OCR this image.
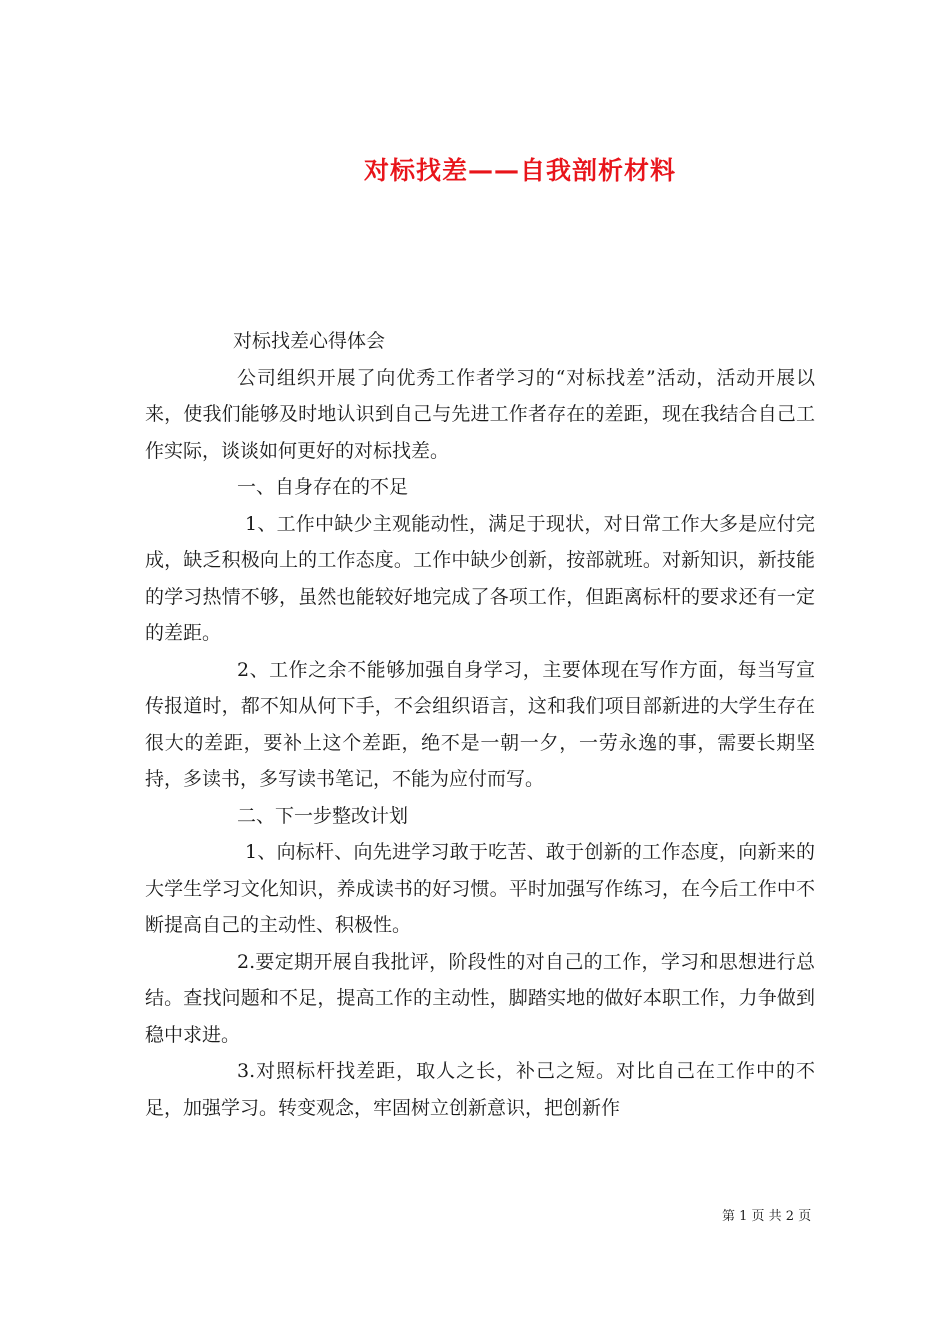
对标找差——自我剖析材料

对标找差心得体会

公司组织开展了向优秀工作者学习的“对标找差”活动，活动开展以来，使我们能够及时地认识到自己与先进工作者存在的差距，现在我结合自己工作实际，谈谈如何更好的对标找差。

一、自身存在的不足

1、工作中缺少主观能动性，满足于现状，对日常工作大多是应付完成，缺乏积极向上的工作态度。工作中缺少创新，按部就班。对新知识，新技能的学习热情不够，虽然也能较好地完成了各项工作，但距离标杆的要求还有一定的差距。

2、工作之余不能够加强自身学习，主要体现在写作方面，每当写宣传报道时，都不知从何下手，不会组织语言，这和我们项目部新进的大学生存在很大的差距，要补上这个差距，绝不是一朝一夕，一劳永逸的事，需要长期坚持，多读书，多写读书笔记，不能为应付而写。

二、下一步整改计划

1、向标杆、向先进学习敢于吃苦、敢于创新的工作态度，向新来的大学生学习文化知识，养成读书的好习惯。平时加强写作练习，在今后工作中不断提高自己的主动性、积极性。

2.要定期开展自我批评，阶段性的对自己的工作，学习和思想进行总结。查找问题和不足，提高工作的主动性，脚踏实地的做好本职工作，力争做到稳中求进。

3.对照标杆找差距，取人之长，补己之短。对比自己在工作中的不足，加强学习。转变观念，牢固树立创新意识，把创新作

第 1 页 共 2 页
